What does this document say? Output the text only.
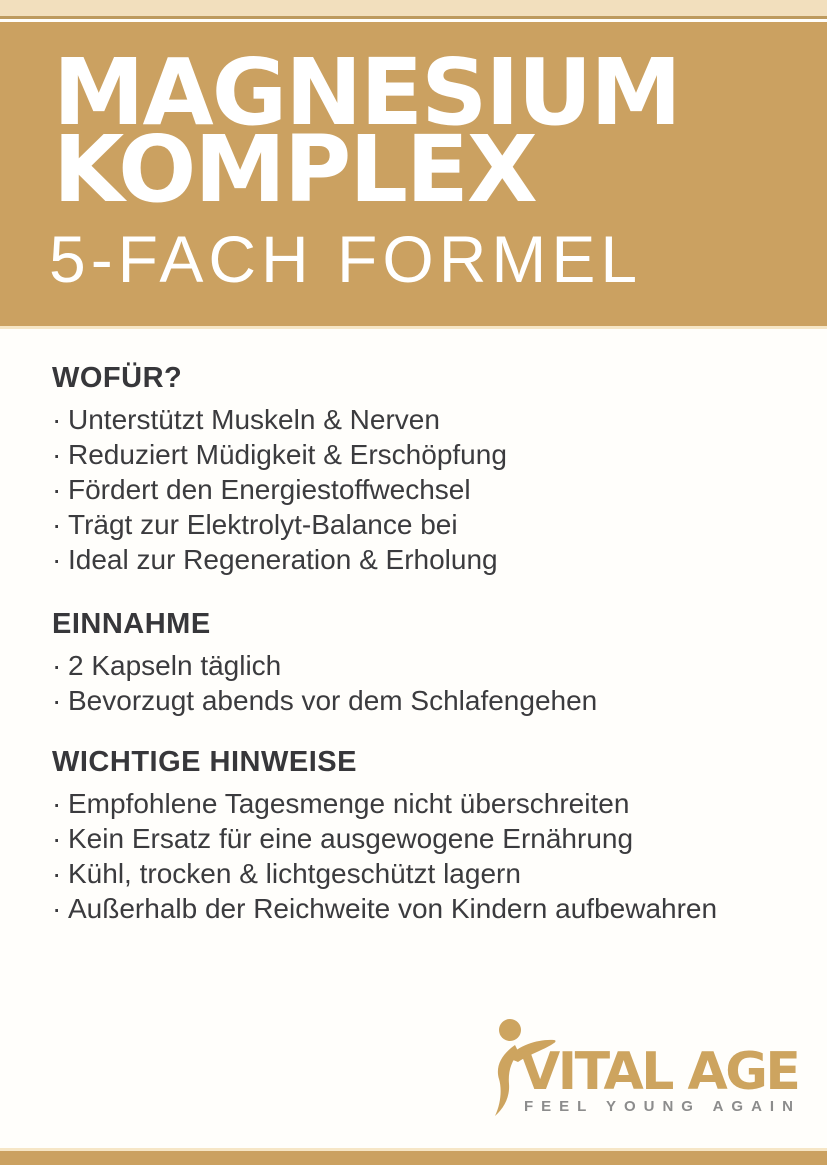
MAGNESIUM
KOMPLEX
5-FACH FORMEL
WOFÜR?
· Unterstützt Muskeln & Nerven
· Reduziert Müdigkeit & Erschöpfung
· Fördert den Energiestoffwechsel
· Trägt zur Elektrolyt-Balance bei
· Ideal zur Regeneration & Erholung
EINNAHME
· 2 Kapseln täglich
· Bevorzugt abends vor dem Schlafengehen
WICHTIGE HINWEISE
· Empfohlene Tagesmenge nicht überschreiten
· Kein Ersatz für eine ausgewogene Ernährung
· Kühl, trocken & lichtgeschützt lagern
· Außerhalb der Reichweite von Kindern aufbewahren
VITAL AGE
FEEL YOUNG AGAIN
